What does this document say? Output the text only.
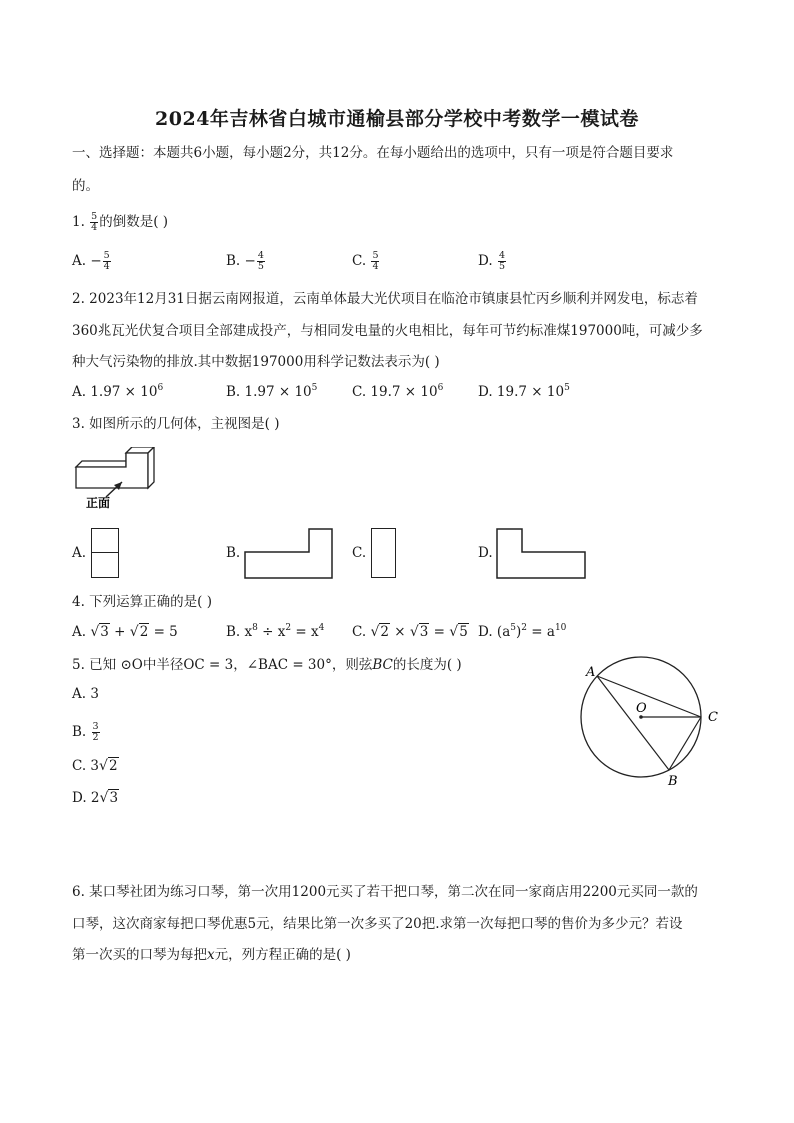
2024年吉林省白城市通榆县部分学校中考数学一模试卷
一、选择题：本题共6小题，每小题2分，共12分。在每小题给出的选项中，只有一项是符合题目要求
的。
1. $\frac{5}{4}$ 的倒数是( )
A. − $\frac{5}{4}$	B. − $\frac{4}{5}$	C. $\frac{5}{4}$	D. $\frac{4}{5}$
2. 2023年12月31日据云南网报道，云南单体最大光伏项目在临沧市镇康县忙丙乡顺利并网发电，标志着
360兆瓦光伏复合项目全部建成投产，与相同发电量的火电相比，每年可节约标准煤197000吨，可减少多
种大气污染物的排放.其中数据197000用科学记数法表示为( )
A. $1.97 \times 10^6$	B. $1.97 \times 10^5$	C. $19.7 \times 10^6$	D. $19.7 \times 10^5$
3. 如图所示的几何体，主视图是( )
正面
A.	B.	C.	D.
4. 下列运算正确的是( )
A. √3 + √2 = 5	B. $x^8 \div x^2 = x^4$ C. √2 × √3 = √5 D. $(a^5)^2 = a^{10}$
5. 已知 ⊙O中半径OC = 3，∠BAC = 30°，则弦BC的长度为( )
A. 3
B. $\frac{3}{2}$
C. 3√2
D. 2√3
A
O
C
B
6. 某口琴社团为练习口琴，第一次用1200元买了若干把口琴，第二次在同一家商店用2200元买同一款的
口琴，这次商家每把口琴优惠5元，结果比第一次多买了20把.求第一次每把口琴的售价为多少元？若设
第一次买的口琴为每把x元，列方程正确的是( )
